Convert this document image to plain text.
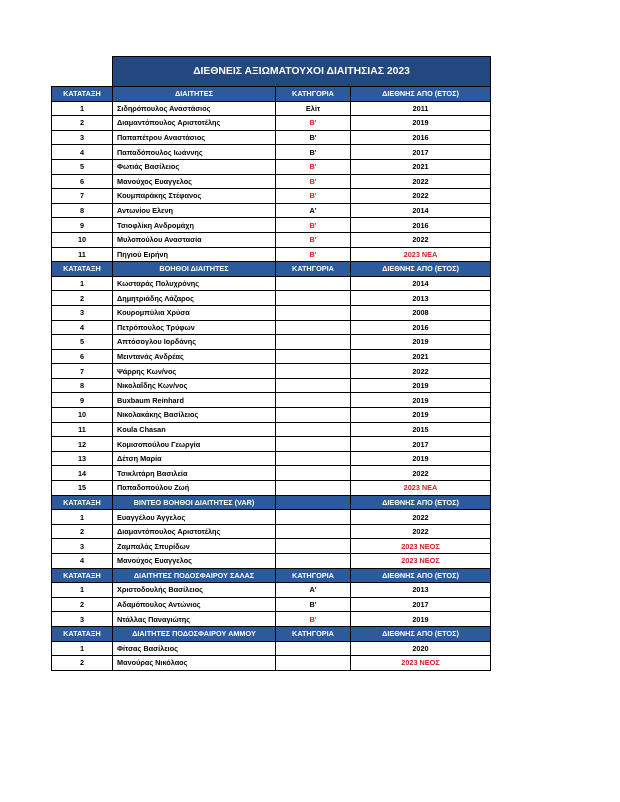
	ΔΙΕΘΝΕΙΣ ΑΞΙΩΜΑΤΟΥΧΟΙ ΔΙΑΙΤΗΣΙΑΣ 2023		
ΚΑΤΑΤΑΞΗ	ΔΙΑΙΤΗΤΕΣ	ΚΑΤΗΓΟΡΙΑ	ΔΙΕΘΝΗΣ ΑΠΟ (ΕΤΟΣ)
1	Σιδηρόπουλος Αναστάσιος	Ελίτ	2011
2	Διαμαντόπουλος Αριστοτέλης	Β'	2019
3	Παπαπέτρου Αναστάσιος	Β'	2016
4	Παπαδόπουλος Ιωάννης	Β'	2017
5	Φωτιάς Βασίλειος	Β'	2021
6	Μανούχος Ευαγγελος	Β'	2022
7	Κουμπαράκης Στέφανος	Β'	2022
8	Αντωνίου Ελενη	Α'	2014
9	Τσιοφλίκη Ανδρομάχη	Β'	2016
10	Μυλοπούλου Αναστασία	Β'	2022
11	Πηγιού Ειρήνη	Β'	2023 ΝΕΑ
ΚΑΤΑΤΑΞΗ	ΒΟΗΘΟΙ ΔΙΑΙΤΗΤΕΣ	ΚΑΤΗΓΟΡΙΑ	ΔΙΕΘΝΗΣ ΑΠΟ (ΕΤΟΣ)
1	Κωσταράς Πολυχρόνης		2014
2	Δημητριάδης Λάζαρος		2013
3	Κουρομπύλια Χρύσα		2008
4	Πετρόπουλος Τρύφων		2016
5	Απτόσογλου Ιορδάνης		2019
6	Μειντανάς Ανδρέας		2021
7	Ψάρρης Κων/νος		2022
8	Νικολαΐδης Κων/νος		2019
9	Buxbaum Reinhard		2019
10	Νικολακάκης Βασίλειος		2019
11	Koula Chasan		2015
12	Κομισοπούλου Γεωργία		2017
13	Δέτση Μαρία		2019
14	Τσικλιτάρη Βασιλεία		2022
15	Παπαδοπούλου Ζωή		2023 ΝΕΑ
ΚΑΤΑΤΑΞΗ	ΒΙΝΤΕΟ ΒΟΗΘΟΙ ΔΙΑΙΤΗΤΕΣ (VAR)		ΔΙΕΘΝΗΣ ΑΠΟ (ΕΤΟΣ)
1	Ευαγγέλου Άγγελος		2022
2	Διαμαντόπουλος Αριστοτέλης		2022
3	Ζαμπαλάς Σπυρίδων		2023 ΝΕΟΣ
4	Μανούχος Ευαγγελος		2023 ΝΕΟΣ
ΚΑΤΑΤΑΞΗ	ΔΙΑΙΤΗΤΕΣ ΠΟΔΟΣΦΑΙΡΟΥ ΣΑΛΑΣ	ΚΑΤΗΓΟΡΙΑ	ΔΙΕΘΝΗΣ ΑΠΟ (ΕΤΟΣ)
1	Χριστοδουλής Βασίλειος	Α'	2013
2	Αδαμόπουλος Αντώνιος	Β'	2017
3	Ντάλλας Παναγιώτης	Β'	2019
ΚΑΤΑΤΑΞΗ	ΔΙΑΙΤΗΤΕΣ ΠΟΔΟΣΦΑΙΡΟΥ ΑΜΜΟΥ	ΚΑΤΗΓΟΡΙΑ	ΔΙΕΘΝΗΣ ΑΠΟ (ΕΤΟΣ)
1	Φίτσας Βασίλειος		2020
2	Μανούρας Νικόλαος		2023 ΝΕΟΣ
